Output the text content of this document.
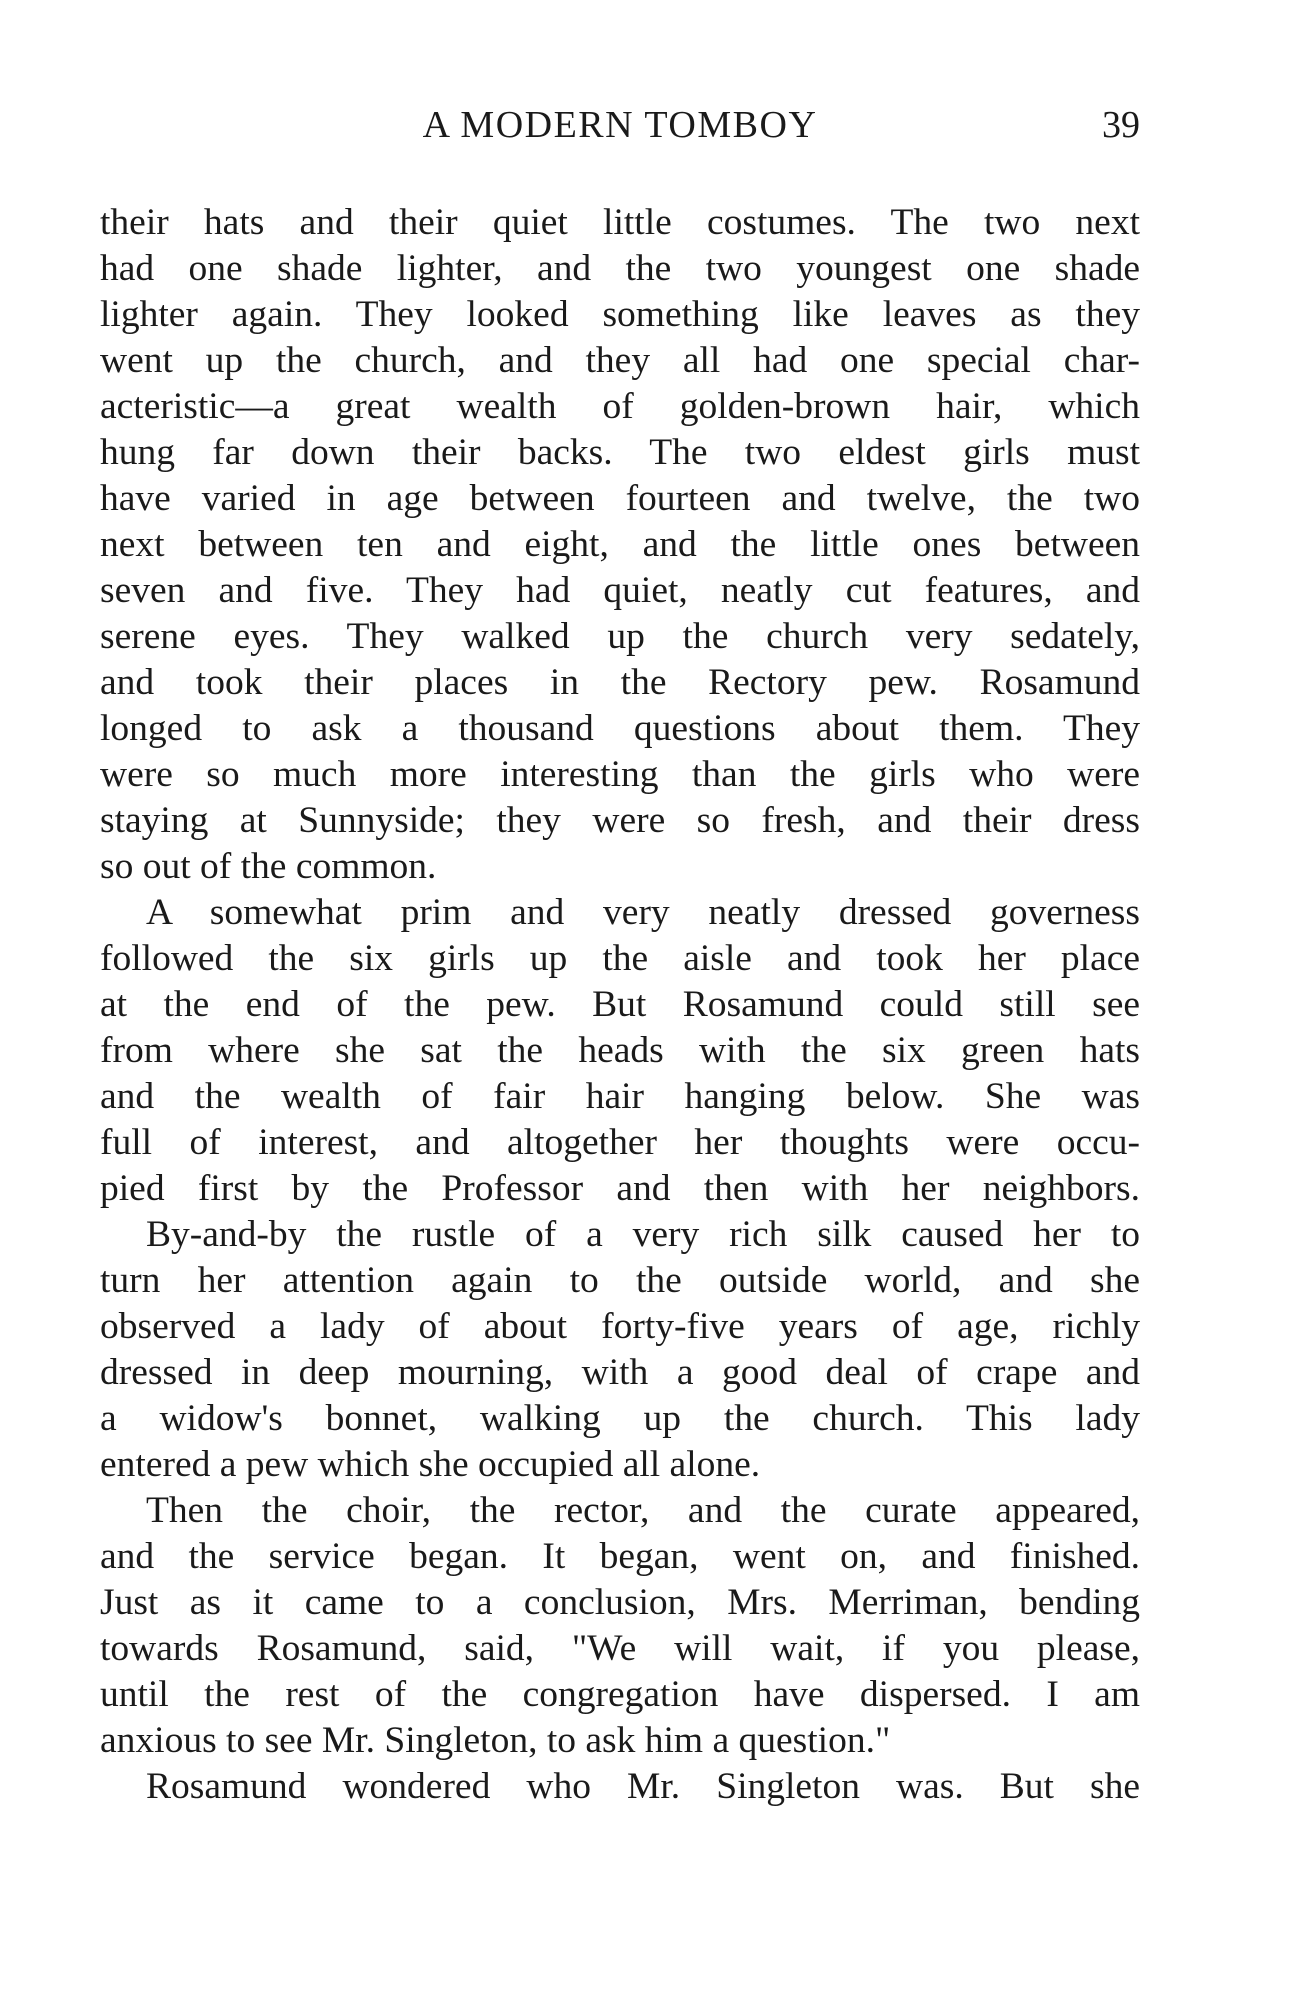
A MODERN TOMBOY	39
their hats and their quiet little costumes. The two next
had one shade lighter, and the two youngest one shade
lighter again. They looked something like leaves as they
went up the church, and they all had one special char-
acteristic—a great wealth of golden-brown hair, which
hung far down their backs. The two eldest girls must
have varied in age between fourteen and twelve, the two
next between ten and eight, and the little ones between
seven and five. They had quiet, neatly cut features, and
serene eyes. They walked up the church very sedately,
and took their places in the Rectory pew. Rosamund
longed to ask a thousand questions about them. They
were so much more interesting than the girls who were
staying at Sunnyside; they were so fresh, and their dress
so out of the common.
A somewhat prim and very neatly dressed governess
followed the six girls up the aisle and took her place
at the end of the pew. But Rosamund could still see
from where she sat the heads with the six green hats
and the wealth of fair hair hanging below. She was
full of interest, and altogether her thoughts were occu-
pied first by the Professor and then with her neighbors.
By-and-by the rustle of a very rich silk caused her to
turn her attention again to the outside world, and she
observed a lady of about forty-five years of age, richly
dressed in deep mourning, with a good deal of crape and
a widow's bonnet, walking up the church. This lady
entered a pew which she occupied all alone.
Then the choir, the rector, and the curate appeared,
and the service began. It began, went on, and finished.
Just as it came to a conclusion, Mrs. Merriman, bending
towards Rosamund, said, "We will wait, if you please,
until the rest of the congregation have dispersed. I am
anxious to see Mr. Singleton, to ask him a question."
Rosamund wondered who Mr. Singleton was. But she
